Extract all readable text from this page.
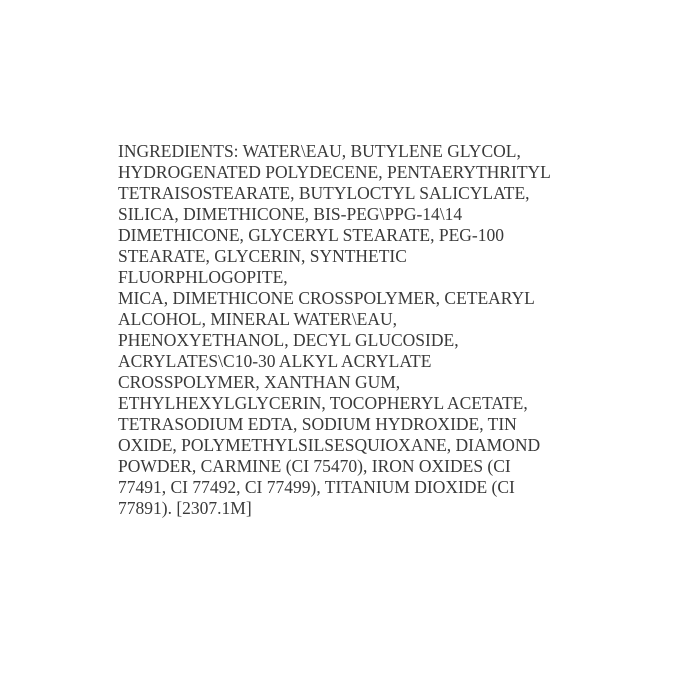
INGREDIENTS: WATER\EAU, BUTYLENE GLYCOL,
HYDROGENATED POLYDECENE, PENTAERYTHRITYL
TETRAISOSTEARATE, BUTYLOCTYL SALICYLATE,
SILICA, DIMETHICONE, BIS-PEG\PPG-14\14
DIMETHICONE, GLYCERYL STEARATE, PEG-100
STEARATE, GLYCERIN, SYNTHETIC
FLUORPHLOGOPITE,
MICA, DIMETHICONE CROSSPOLYMER, CETEARYL
ALCOHOL, MINERAL WATER\EAU,
PHENOXYETHANOL, DECYL GLUCOSIDE,
ACRYLATES\C10-30 ALKYL ACRYLATE
CROSSPOLYMER, XANTHAN GUM,
ETHYLHEXYLGLYCERIN, TOCOPHERYL ACETATE,
TETRASODIUM EDTA, SODIUM HYDROXIDE, TIN
OXIDE, POLYMETHYLSILSESQUIOXANE, DIAMOND
POWDER, CARMINE (CI 75470), IRON OXIDES (CI
77491, CI 77492, CI 77499), TITANIUM DIOXIDE (CI
77891). [2307.1M]
